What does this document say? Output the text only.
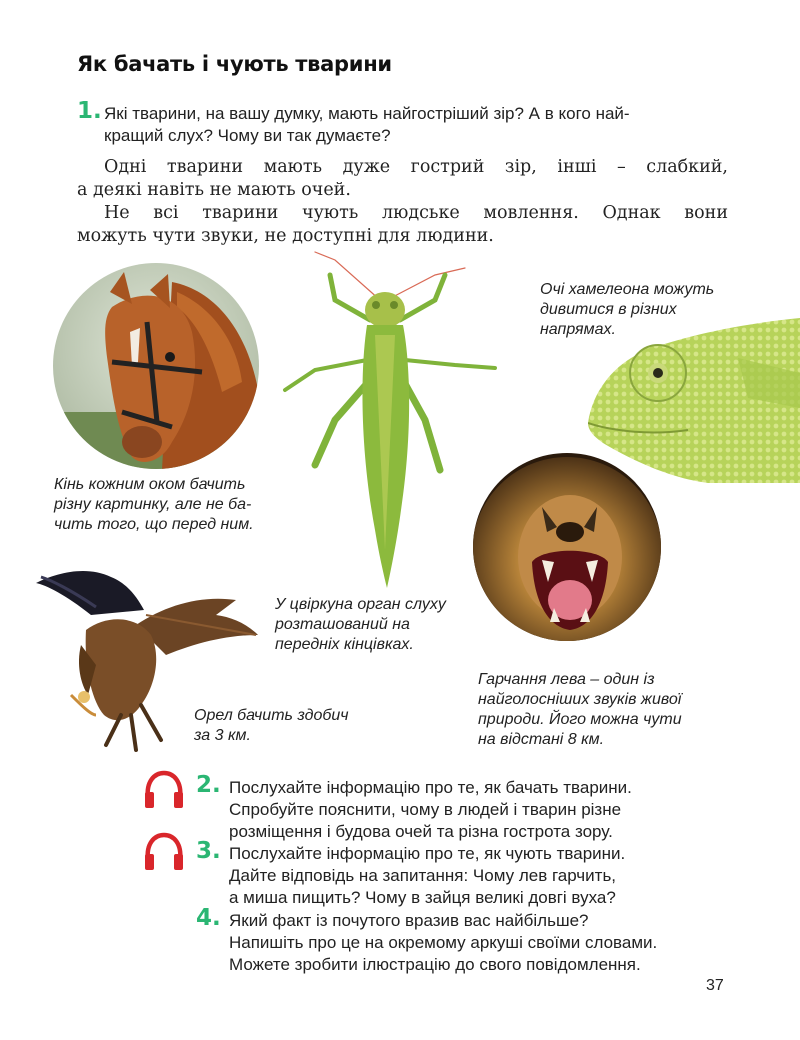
Як бачать і чують тварини
1. Які тварини, на вашу думку, мають найгостріший зір? А в кого най-
кращий слух? Чому ви так думаєте?
Одні тварини мають дуже гострий зір, інші – слабкий,
а деякі навіть не мають очей.
Не всі тварини чують людське мовлення. Однак вони
можуть чути звуки, не доступні для людини.
Кінь кожним оком бачить
різну картинку, але не ба-
чить того, що перед ним.
У цвіркуна орган слуху
розташований на
передніх кінцівках.
Очі хамелеона можуть
дивитися в різних
напрямах.
Гарчання лева – один із
найголосніших звуків живої
природи. Його можна чути
на відстані 8 км.
Орел бачить здобич
за 3 км.
2. Послухайте інформацію про те, як бачать тварини.
Спробуйте пояснити, чому в людей і тварин різне
розміщення і будова очей та різна гострота зору.
3. Послухайте інформацію про те, як чують тварини.
Дайте відповідь на запитання: Чому лев гарчить,
а миша пищить? Чому в зайця великі довгі вуха?
4. Який факт із почутого вразив вас найбільше?
Напишіть про це на окремому аркуші своїми словами.
Можете зробити ілюстрацію до свого повідомлення.
37
